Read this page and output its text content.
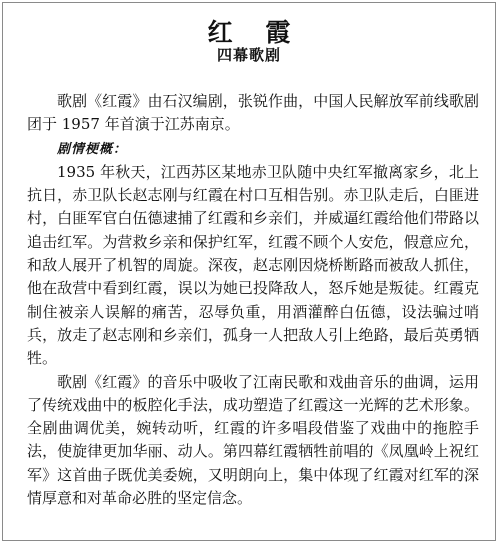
红 霞
四幕歌剧

歌剧《红霞》由石汉编剧，张锐作曲，中国人民解放军前线歌剧团于 1957 年首演于江苏南京。

剧情梗概：

1935 年秋天，江西苏区某地赤卫队随中央红军撤离家乡，北上抗日，赤卫队长赵志刚与红霞在村口互相告别。赤卫队走后，白匪进村，白匪军官白伍德逮捕了红霞和乡亲们，并威逼红霞给他们带路以追击红军。为营救乡亲和保护红军，红霞不顾个人安危，假意应允，和敌人展开了机智的周旋。深夜，赵志刚因烧桥断路而被敌人抓住，他在敌营中看到红霞，误以为她已投降敌人，怒斥她是叛徒。红霞克制住被亲人误解的痛苦，忍辱负重，用酒灌醉白伍德，设法骗过哨兵，放走了赵志刚和乡亲们，孤身一人把敌人引上绝路，最后英勇牺牲。

歌剧《红霞》的音乐中吸收了江南民歌和戏曲音乐的曲调，运用了传统戏曲中的板腔化手法，成功塑造了红霞这一光辉的艺术形象。全剧曲调优美，婉转动听，红霞的许多唱段借鉴了戏曲中的拖腔手法，使旋律更加华丽、动人。第四幕红霞牺牲前唱的《凤凰岭上祝红军》这首曲子既优美委婉，又明朗向上，集中体现了红霞对红军的深情厚意和对革命必胜的坚定信念。
